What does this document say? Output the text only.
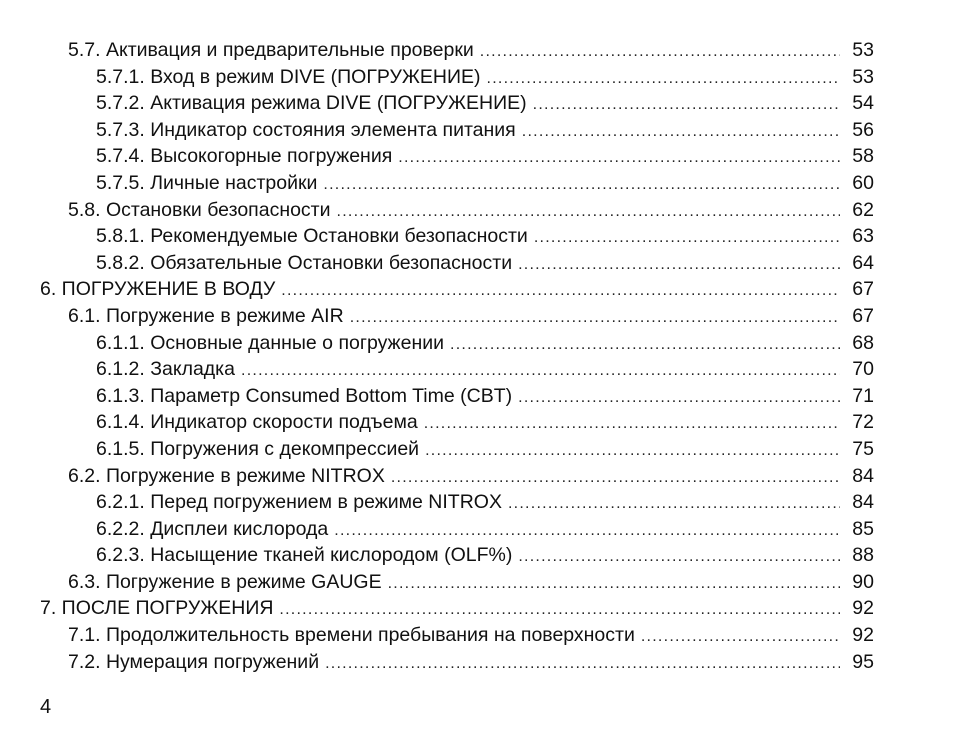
5.7. Активация и предварительные проверки . . .	53
5.7.1. Вход в режим DIVE (ПОГРУЖЕНИЕ) . . .	53
5.7.2. Активация режима DIVE (ПОГРУЖЕНИЕ) . . .	54
5.7.3. Индикатор состояния элемента питания . . .	56
5.7.4. Высокогорные погружения . . .	58
5.7.5. Личные настройки . . .	60
5.8. Остановки безопасности . . .	62
5.8.1. Рекомендуемые Остановки безопасности . . .	63
5.8.2. Обязательные Остановки безопасности . . .	64
6. ПОГРУЖЕНИЕ В ВОДУ . . .	67
6.1. Погружение в режиме AIR . . .	67
6.1.1. Основные данные о погружении . . .	68
6.1.2. Закладка . . .	70
6.1.3. Параметр Consumed Bottom Time (CBT) . . .	71
6.1.4. Индикатор скорости подъема . . .	72
6.1.5. Погружения с декомпрессией . . .	75
6.2. Погружение в режиме NITROX . . .	84
6.2.1. Перед погружением в режиме NITROX . . .	84
6.2.2. Дисплеи кислорода . . .	85
6.2.3. Насыщение тканей кислородом (OLF%) . . .	88
6.3. Погружение в режиме GAUGE . . .	90
7. ПОСЛЕ ПОГРУЖЕНИЯ . . .	92
7.1. Продолжительность времени пребывания на поверхности . . .	92
7.2. Нумерация погружений . . .	95
4
